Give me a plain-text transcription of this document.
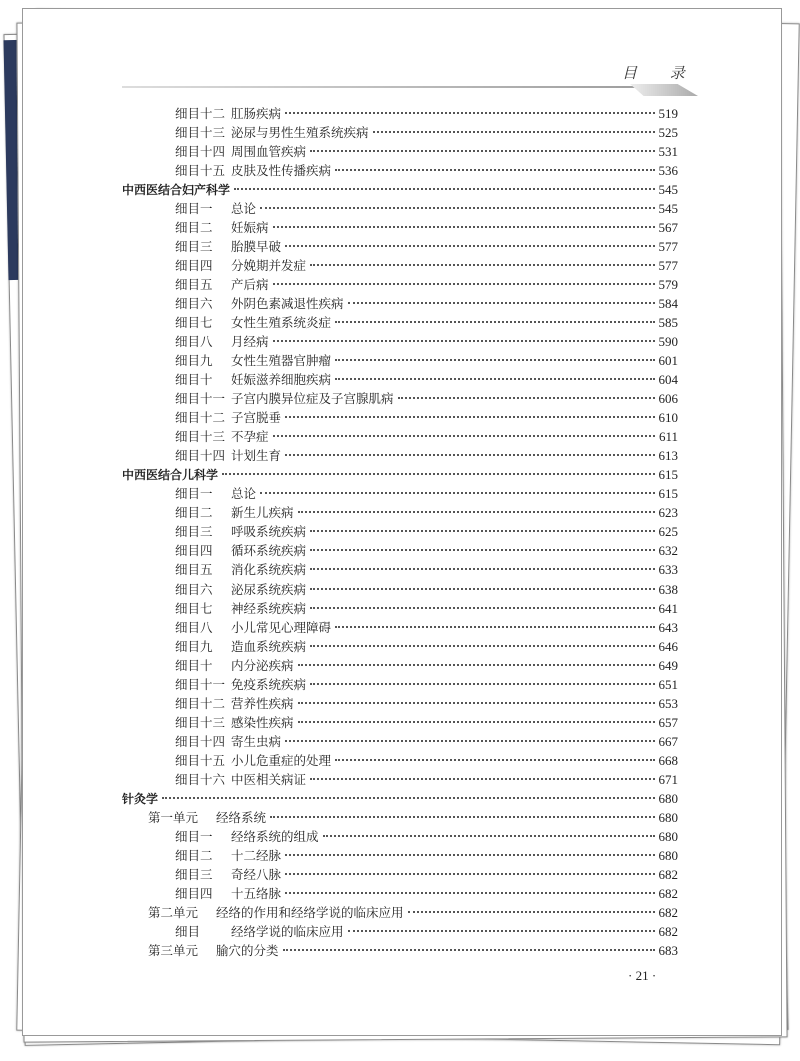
目 录
细目十二 肛肠疾病	519
细目十三 泌尿与男性生殖系统疾病	525
细目十四 周围血管疾病	531
细目十五 皮肤及性传播疾病	536
中西医结合妇产科学	545
细目一	总论	545
细目二	妊娠病	567
细目三	胎膜早破	577
细目四	分娩期并发症	577
细目五	产后病	579
细目六	外阴色素减退性疾病	584
细目七	女性生殖系统炎症	585
细目八	月经病	590
细目九	女性生殖器官肿瘤	601
细目十	妊娠滋养细胞疾病	604
细目十一 子宫内膜异位症及子宫腺肌病	606
细目十二 子宫脱垂	610
细目十三 不孕症	611
细目十四 计划生育	613
中西医结合儿科学	615
细目一	总论	615
细目二	新生儿疾病	623
细目三	呼吸系统疾病	625
细目四	循环系统疾病	632
细目五	消化系统疾病	633
细目六	泌尿系统疾病	638
细目七	神经系统疾病	641
细目八	小儿常见心理障碍	643
细目九	造血系统疾病	646
细目十	内分泌疾病	649
细目十一 免疫系统疾病	651
细目十二 营养性疾病	653
细目十三 感染性疾病	657
细目十四 寄生虫病	667
细目十五 小儿危重症的处理	668
细目十六 中医相关病证	671
针灸学	680
第一单元	经络系统	680
细目一	经络系统的组成	680
细目二	十二经脉	680
细目三	奇经八脉	682
细目四	十五络脉	682
第二单元	经络的作用和经络学说的临床应用	682
细目	经络学说的临床应用	682
第三单元	腧穴的分类	683
· 21 ·
